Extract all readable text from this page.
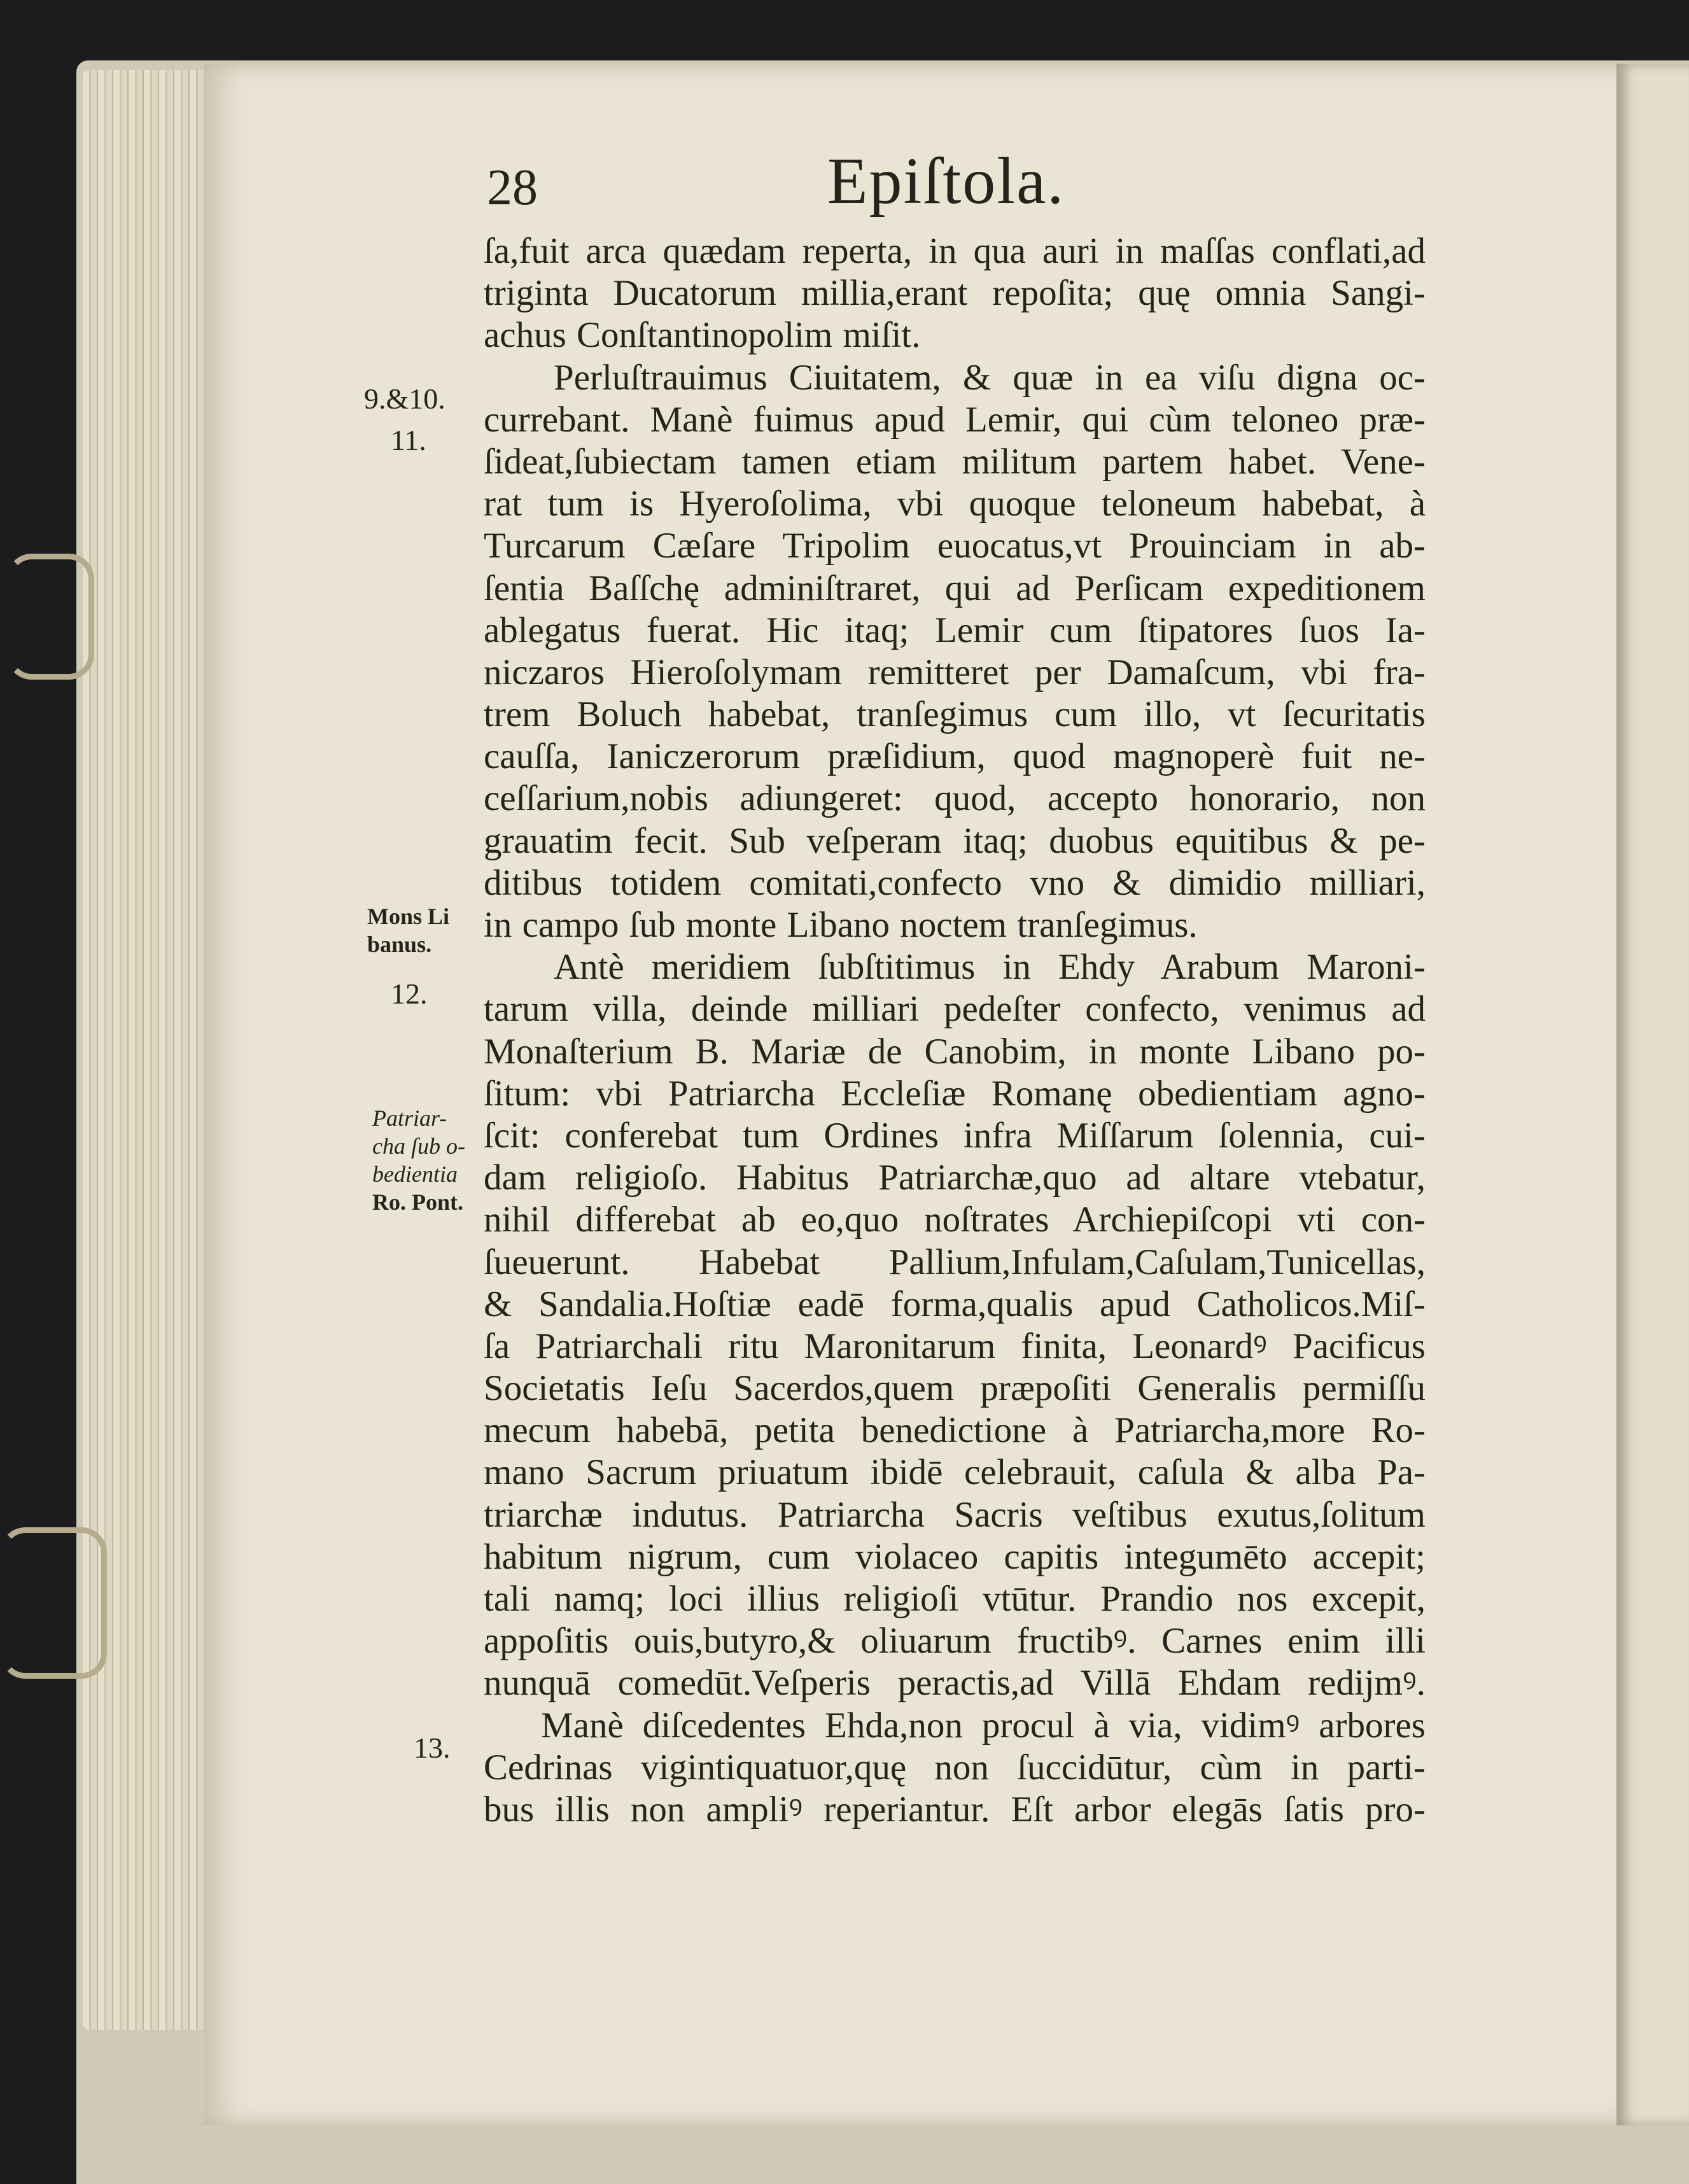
28	Epiſtola.
9.&10.
11.
Mons Li
banus.
12.
Patriar-
cha ſub o-
bedientia
Ro. Pont.
13.
ſa,fuit arca quædam reperta, in qua auri in maſſas conflati,ad
triginta Ducatorum millia,erant repoſita; quę omnia Sangi-
achus Conſtantinopolim miſit.
Perluſtrauimus Ciuitatem, & quæ in ea viſu digna oc-
currebant. Manè fuimus apud Lemir, qui cùm teloneo præ-
ſideat,ſubiectam tamen etiam militum partem habet. Vene-
rat tum is Hyeroſolima, vbi quoque teloneum habebat, à
Turcarum Cæſare Tripolim euocatus,vt Prouinciam in ab-
ſentia Baſſchę adminiſtraret, qui ad Perſicam expeditionem
ablegatus fuerat. Hic itaq; Lemir cum ſtipatores ſuos Ia-
niczaros Hieroſolymam remitteret per Damaſcum, vbi fra-
trem Boluch habebat, tranſegimus cum illo, vt ſecuritatis
cauſſa, Ianiczerorum præſidium, quod magnoperè fuit ne-
ceſſarium,nobis adiungeret: quod, accepto honorario, non
grauatim fecit. Sub veſperam itaq; duobus equitibus & pe-
ditibus totidem comitati,confecto vno & dimidio milliari,
in campo ſub monte Libano noctem tranſegimus.
Antè meridiem ſubſtitimus in Ehdy Arabum Maroni-
tarum villa, deinde milliari pedeſter confecto, venimus ad
Monaſterium B. Mariæ de Canobim, in monte Libano po-
ſitum: vbi Patriarcha Eccleſiæ Romanę obedientiam agno-
ſcit: conferebat tum Ordines infra Miſſarum ſolennia, cui-
dam religioſo. Habitus Patriarchæ,quo ad altare vtebatur,
nihil differebat ab eo,quo noſtrates Archiepiſcopi vti con-
ſueuerunt. Habebat Pallium,Infulam,Caſulam,Tunicellas,
& Sandalia.Hoſtiæ eadē forma,qualis apud Catholicos.Miſ-
ſa Patriarchali ritu Maronitarum finita, Leonardꝰ Pacificus
Societatis Ieſu Sacerdos,quem præpoſiti Generalis permiſſu
mecum habebā, petita benedictione à Patriarcha,more Ro-
mano Sacrum priuatum ibidē celebrauit, caſula & alba Pa-
triarchæ indutus. Patriarcha Sacris veſtibus exutus,ſolitum
habitum nigrum, cum violaceo capitis integumēto accepit;
tali namq; loci illius religioſi vtūtur. Prandio nos excepit,
appoſitis ouis,butyro,& oliuarum fructibꝰ. Carnes enim illi
nunquā comedūt.Veſperis peractis,ad Villā Ehdam redijmꝰ.
Manè diſcedentes Ehda,non procul à via, vidimꝰ arbores
Cedrinas vigintiquatuor,quę non ſuccidūtur, cùm in parti-
bus illis non ampliꝰ reperiantur. Eſt arbor elegās ſatis pro-
